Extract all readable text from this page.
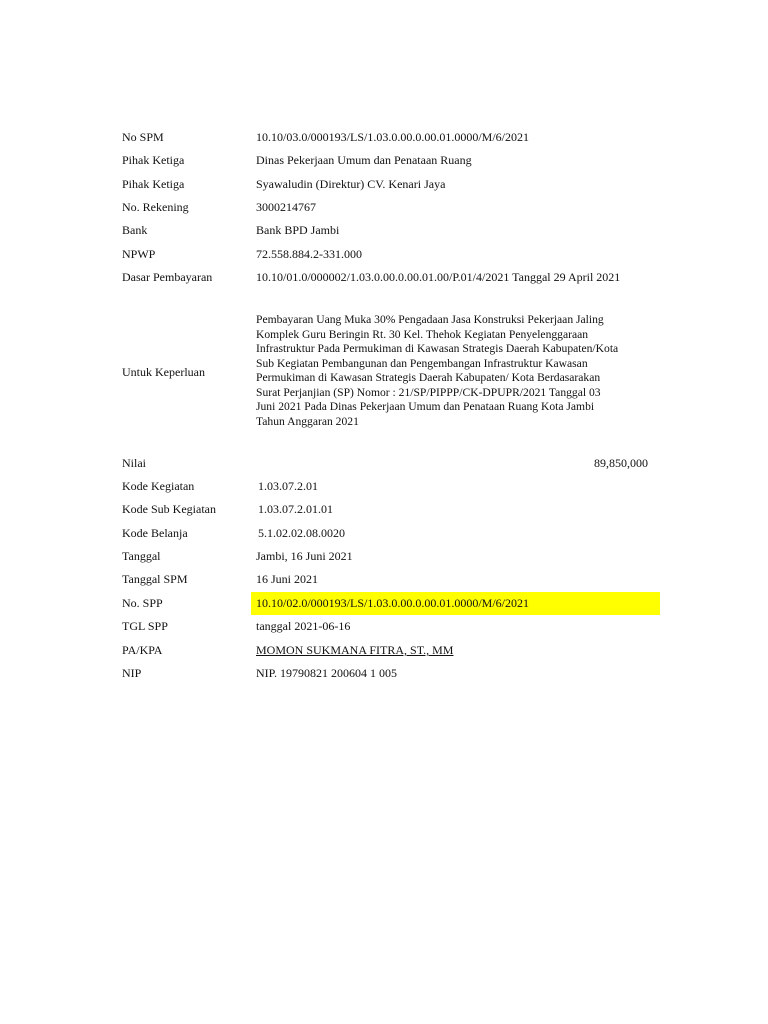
No SPM	10.10/03.0/000193/LS/1.03.0.00.0.00.01.0000/M/6/2021
Pihak Ketiga	Dinas Pekerjaan Umum dan Penataan Ruang
Pihak Ketiga	Syawaludin (Direktur) CV. Kenari Jaya
No. Rekening	3000214767
Bank	Bank BPD Jambi
NPWP	72.558.884.2-331.000
Dasar Pembayaran	10.10/01.0/000002/1.03.0.00.0.00.01.00/P.01/4/2021 Tanggal 29 April 2021
Untuk Keperluan
Pembayaran Uang Muka 30% Pengadaan Jasa Konstruksi Pekerjaan Jaling
Komplek Guru Beringin Rt. 30 Kel. Thehok Kegiatan Penyelenggaraan
Infrastruktur Pada Permukiman di Kawasan Strategis Daerah Kabupaten/Kota
Sub Kegiatan Pembangunan dan Pengembangan Infrastruktur Kawasan
Permukiman di Kawasan Strategis Daerah Kabupaten/ Kota Berdasarakan
Surat Perjanjian (SP) Nomor : 21/SP/PIPPP/CK-DPUPR/2021 Tanggal 03
Juni 2021 Pada Dinas Pekerjaan Umum dan Penataan Ruang Kota Jambi
Tahun Anggaran 2021
Nilai	89,850,000
Kode Kegiatan	1.03.07.2.01
Kode Sub Kegiatan	1.03.07.2.01.01
Kode Belanja	5.1.02.02.08.0020
Tanggal	Jambi, 16 Juni 2021
Tanggal SPM	16 Juni 2021
No. SPP	10.10/02.0/000193/LS/1.03.0.00.0.00.01.0000/M/6/2021
TGL SPP	tanggal 2021-06-16
PA/KPA	MOMON SUKMANA FITRA, ST., MM
NIP	NIP. 19790821 200604 1 005
